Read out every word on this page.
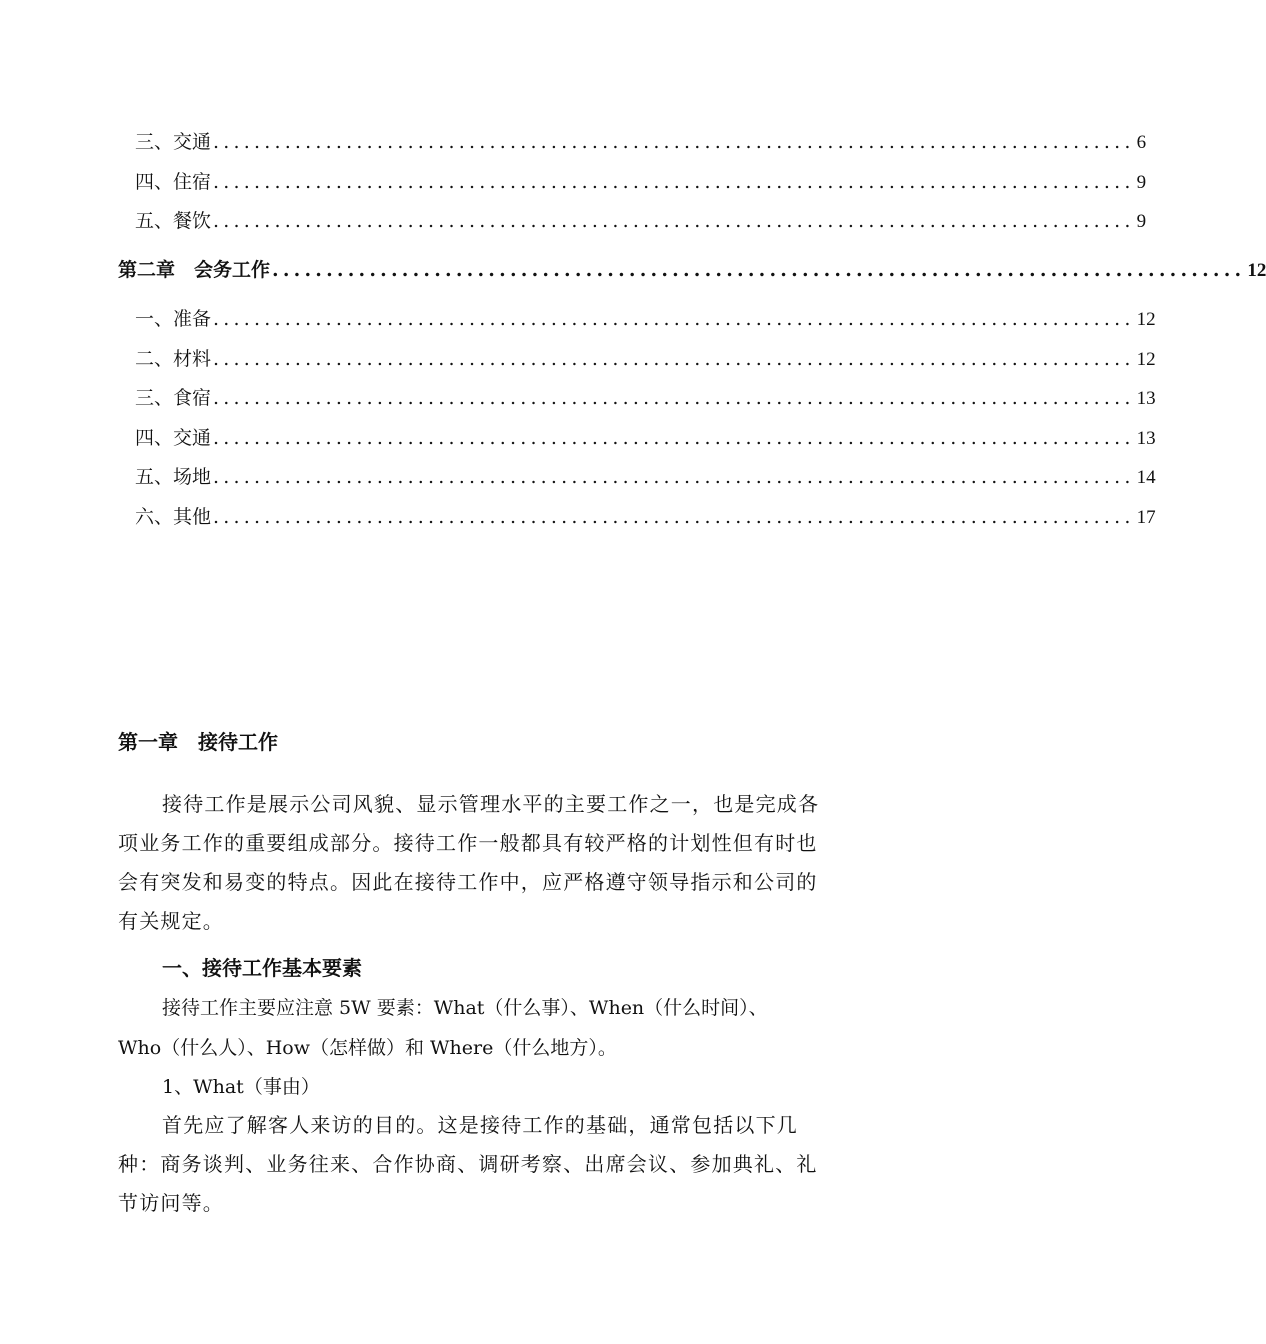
三、交通 .......................................................................................... 6
四、住宿 .......................................................................................... 9
五、餐饮 .......................................................................................... 9
第二章　会务工作 .......................................................................................... 12
一、准备 .......................................................................................... 12
二、材料 .......................................................................................... 12
三、食宿 .......................................................................................... 13
四、交通 .......................................................................................... 13
五、场地 .......................................................................................... 14
六、其他 .......................................................................................... 17
第一章　接待工作
接待工作是展示公司风貌、显示管理水平的主要工作之一，也是完成各项业务工作的重要组成部分。接待工作一般都具有较严格的计划性但有时也会有突发和易变的特点。因此在接待工作中，应严格遵守领导指示和公司的有关规定。
一、接待工作基本要素
接待工作主要应注意 5W 要素：What（什么事）、When（什么时间）、
Who（什么人）、How（怎样做）和 Where（什么地方）。
1、What（事由）
首先应了解客人来访的目的。这是接待工作的基础，通常包括以下几种：商务谈判、业务往来、合作协商、调研考察、出席会议、参加典礼、礼节访问等。
